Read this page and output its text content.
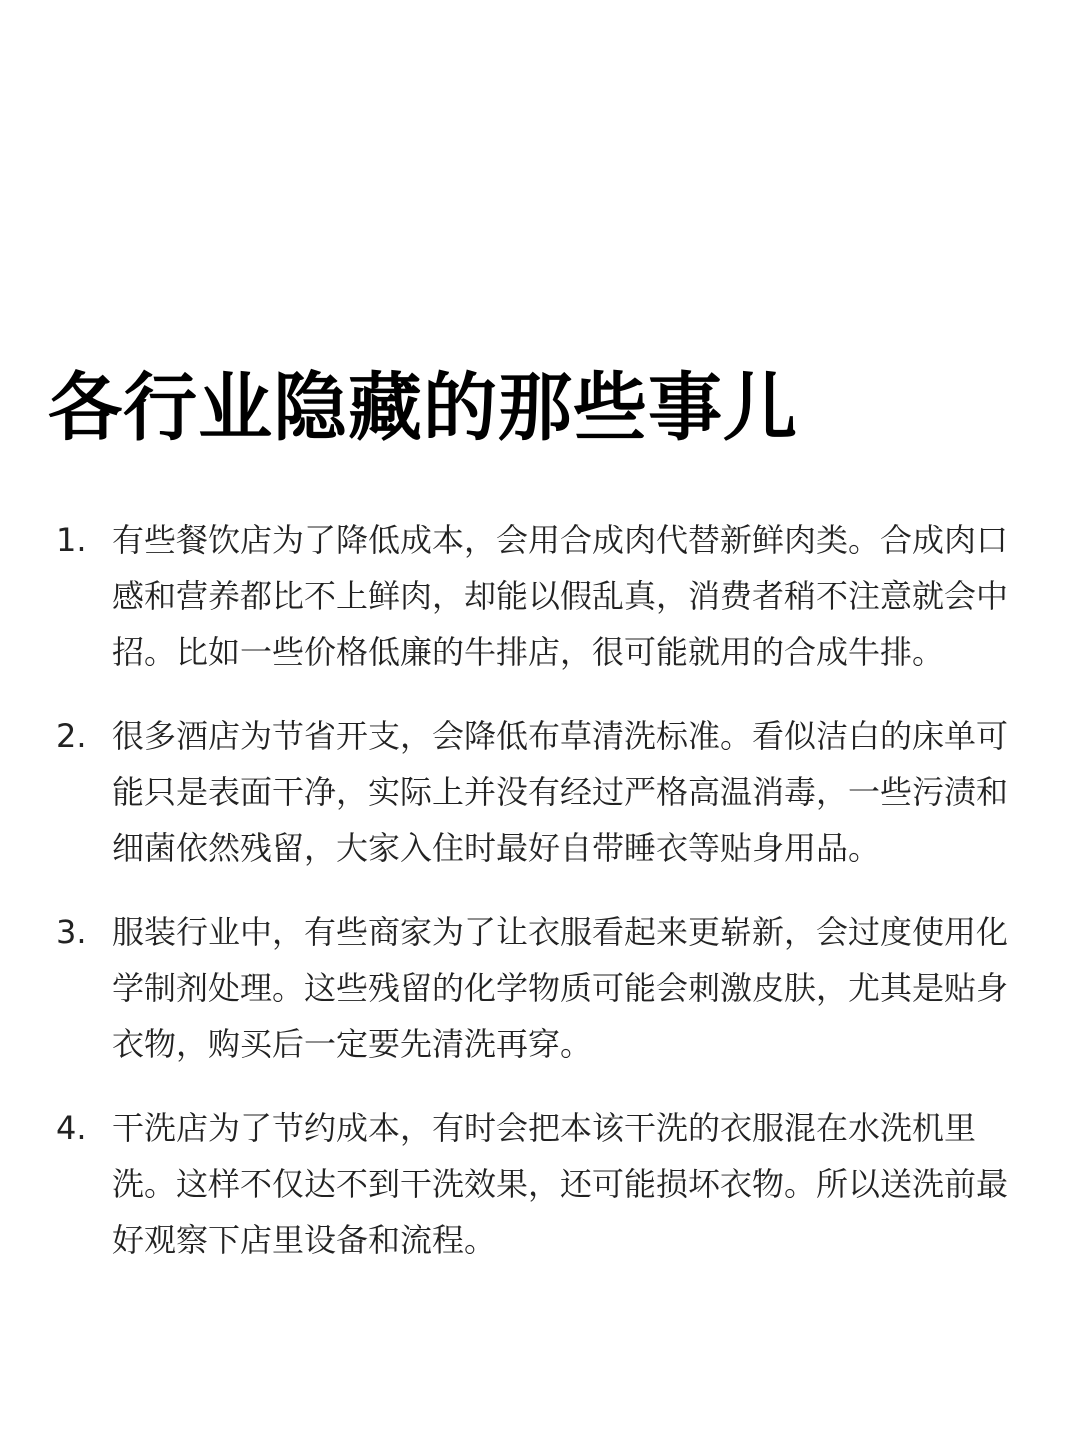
各行业隐藏的那些事儿
1. 有些餐饮店为了降低成本，会用合成肉代替新鲜肉类。合成肉口感和营养都比不上鲜肉，却能以假乱真，消费者稍不注意就会中招。比如一些价格低廉的牛排店，很可能就用的合成牛排。
2. 很多酒店为节省开支，会降低布草清洗标准。看似洁白的床单可能只是表面干净，实际上并没有经过严格高温消毒，一些污渍和细菌依然残留，大家入住时最好自带睡衣等贴身用品。
3. 服装行业中，有些商家为了让衣服看起来更崭新，会过度使用化学制剂处理。这些残留的化学物质可能会刺激皮肤，尤其是贴身衣物，购买后一定要先清洗再穿。
4. 干洗店为了节约成本，有时会把本该干洗的衣服混在水洗机里洗。这样不仅达不到干洗效果，还可能损坏衣物。所以送洗前最好观察下店里设备和流程。
